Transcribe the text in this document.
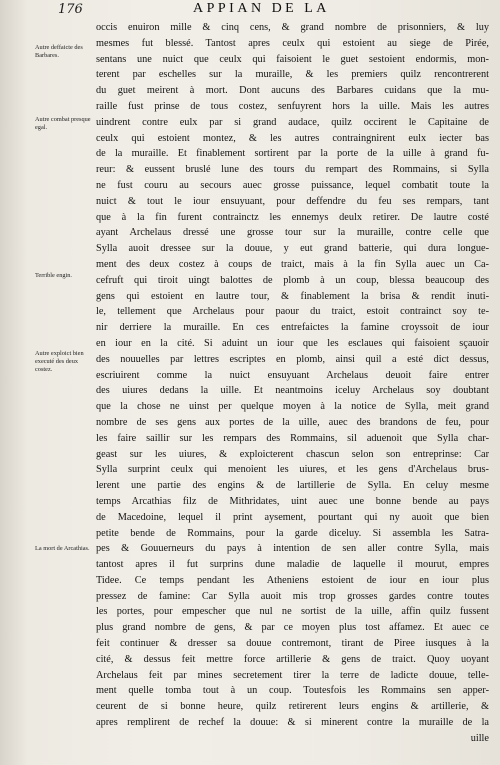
176	APPIAN DE LA
Autre deffaicte des Barbares.
Autre combat presque egal.
Terrible engin.
Autre exploict bien executé des deux costez.
La mort de Arcathias.
occis enuiron mille & cinq cens, & grand nombre de prisonniers, & luy
mesmes fut blessé. Tantost apres ceulx qui estoient au siege de Pirée,
sentans une nuict que ceulx qui faisoient le guet sestoient endormis, mon-
terent par eschelles sur la muraille, & les premiers quilz rencontrerent
du guet meirent à mort. Dont aucuns des Barbares cuidans que la mu-
raille fust prinse de tous costez, senfuyrent hors la uille. Mais les autres
uindrent contre eulx par si grand audace, quilz occirent le Capitaine de
ceulx qui estoient montez, & les autres contraingnirent eulx iecter bas
de la muraille. Et finablement sortirent par la porte de la uille à grand fu-
reur: & eussent bruslé lune des tours du rempart des Rommains, si Sylla
ne fust couru au secours auec grosse puissance, lequel combatit toute la
nuict & tout le iour ensuyuant, pour deffendre du feu ses rempars, tant
que à la fin furent contrainctz les ennemys deulx retirer. De lautre costé
ayant Archelaus dressé une grosse tour sur la muraille, contre celle que
Sylla auoit dressee sur la douue, y eut grand batterie, qui dura longue-
ment des deux costez à coups de traict, mais à la fin Sylla auec un Ca-
cefruft qui tiroit uingt balottes de plomb à un coup, blessa beaucoup des
gens qui estoient en lautre tour, & finablement la brisa & rendit inuti-
le, tellement que Archelaus pour paour du traict, estoit contrainct soy te-
nir derriere la muraille. En ces entrefaictes la famine croyssoit de iour
en iour en la cité. Si aduint un iour que les esclaues qui faisoient sçauoir
des nouuelles par lettres escriptes en plomb, ainsi quil a esté dict dessus,
escriuirent comme la nuict ensuyuant Archelaus deuoit faire entrer
des uiures dedans la uille. Et neantmoins iceluy Archelaus soy doubtant
que la chose ne uinst per quelque moyen à la notice de Sylla, meit grand
nombre de ses gens aux portes de la uille, auec des brandons de feu, pour
les faire saillir sur les rempars des Rommains, sil aduenoit que Sylla char-
geast sur les uiures, & exploicterent chascun selon son entreprinse: Car
Sylla surprint ceulx qui menoient les uiures, et les gens d'Archelaus brus-
lerent une partie des engins & de lartillerie de Sylla. En celuy mesme
temps Arcathias filz de Mithridates, uint auec une bonne bende au pays
de Macedoine, lequel il print aysement, pourtant qui ny auoit que bien
petite bende de Rommains, pour la garde diceluy. Si assembla les Satra-
pes & Gouuerneurs du pays à intention de sen aller contre Sylla, mais
tantost apres il fut surprins dune maladie de laquelle il mourut, empres
Tidee. Ce temps pendant les Atheniens estoient de iour en iour plus
pressez de famine: Car Sylla auoit mis trop grosses gardes contre toutes
les portes, pour empescher que nul ne sortist de la uille, affin quilz fussent
plus grand nombre de gens, & par ce moyen plus tost affamez. Et auec ce
feit continuer & dresser sa douue contremont, tirant de Piree iusques à la
cité, & dessus feit mettre force artillerie & gens de traict. Quoy uoyant
Archelaus feit par mines secretement tirer la terre de ladicte douue, telle-
ment quelle tomba tout à un coup. Toutesfois les Rommains sen apper-
ceurent de si bonne heure, quilz retirerent leurs engins & artillerie, &
apres remplirent de rechef la douue: & si minerent contre la muraille de la
uille
